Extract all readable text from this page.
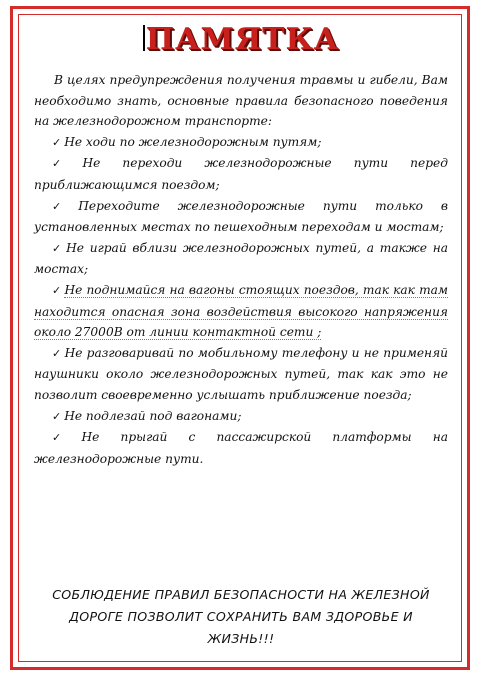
ПАМЯТКА

В целях предупреждения получения травмы и гибели, Вам необходимо знать, основные правила безопасного поведения на железнодорожном транспорте:

✓ Не ходи по железнодорожным путям;

✓ Не переходи железнодорожные пути перед приближающимся поездом;

✓ Переходите железнодорожные пути только в установленных местах по пешеходным переходам и мостам;

✓ Не играй вблизи железнодорожных путей, а также на мостах;

✓ Не поднимайся на вагоны стоящих поездов, так как там находится опасная зона воздействия высокого напряжения около 27000В от линии контактной сети ;

✓ Не разговаривай по мобильному телефону и не применяй наушники около железнодорожных путей, так как это не позволит своевременно услышать приближение поезда;

✓ Не подлезай под вагонами;

✓ Не прыгай с пассажирской платформы на железнодорожные пути.

СОБЛЮДЕНИЕ ПРАВИЛ БЕЗОПАСНОСТИ НА ЖЕЛЕЗНОЙ ДОРОГЕ ПОЗВОЛИТ СОХРАНИТЬ ВАМ ЗДОРОВЬЕ И ЖИЗНЬ!!!
